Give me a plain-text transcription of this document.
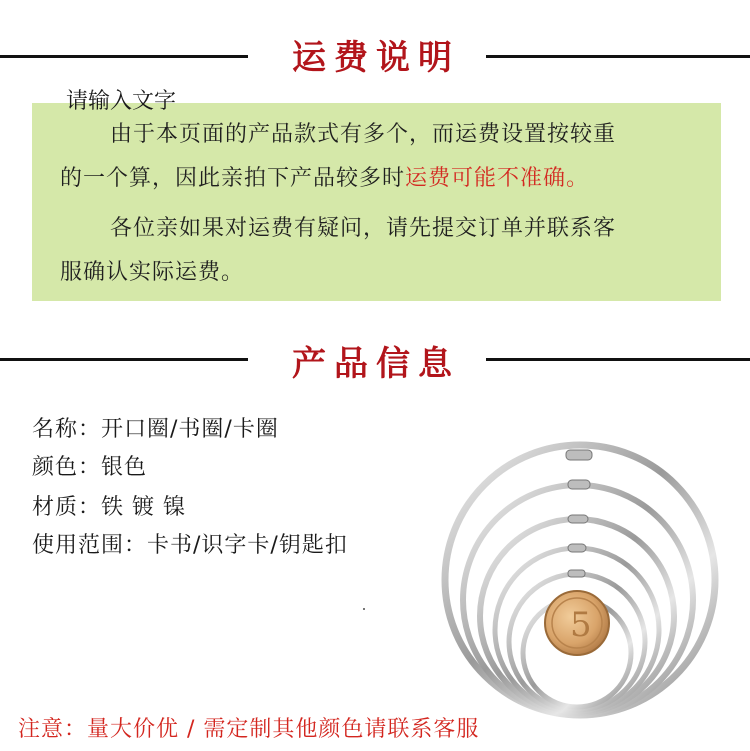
运费说明
由于本页面的产品款式有多个，而运费设置按较重
的一个算，因此亲拍下产品较多时运费可能不准确。
各位亲如果对运费有疑问，请先提交订单并联系客
服确认实际运费。
请输入文字
产品信息
名称：开口圈/书圈/卡圈
颜色：银色
材质：铁 镀 镍
使用范围：卡书/识字卡/钥匙扣
5
注意：量大价优 / 需定制其他颜色请联系客服
